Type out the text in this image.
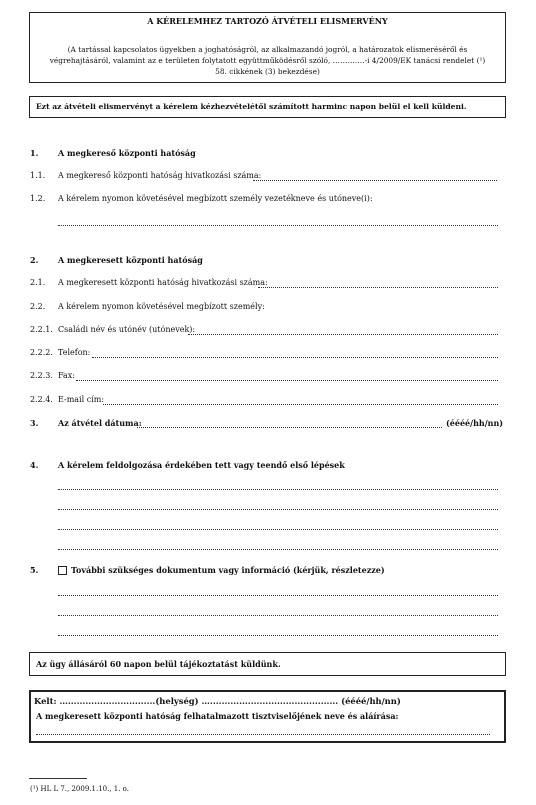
A KÉRELEMHEZ TARTOZÓ ÁTVÉTELI ELISMERVÉNY
(A tartással kapcsolatos ügyekben a joghatóságról, az alkalmazandó jogról, a határozatok elismeréséről és
végrehajtásáról, valamint az e területen folytatott együttműködésről szóló, ………….-i 4/2009/EK tanácsi rendelet (¹)
58. cikkének (3) bekezdése)
Ezt az átvételi elismervényt a kérelem kézhezvételétől számított harminc napon belül el kell küldeni.
1. A megkereső központi hatóság
1.1. A megkereső központi hatóság hivatkozási száma:
1.2. A kérelem nyomon követésével megbízott személy vezetékneve és utóneve(i):
2. A megkeresett központi hatóság
2.1. A megkeresett központi hatóság hivatkozási száma:
2.2. A kérelem nyomon követésével megbízott személy:
2.2.1. Családi név és utónév (utónevek):
2.2.2. Telefon:
2.2.3. Fax:
2.2.4. E-mail cím:
3. Az átvétel dátuma:	(éééé/hh/nn)
4. A kérelem feldolgozása érdekében tett vagy teendő első lépések
5.	További szükséges dokumentum vagy információ (kérjük, részletezze)
Az ügy állásáról 60 napon belül tájékoztatást küldünk.
Kelt: …..............................(helység) …............................................ (éééé/hh/nn)
A megkeresett központi hatóság felhatalmazott tisztviselőjének neve és aláírása:
(¹) HL L 7., 2009.1.10., 1. o.
